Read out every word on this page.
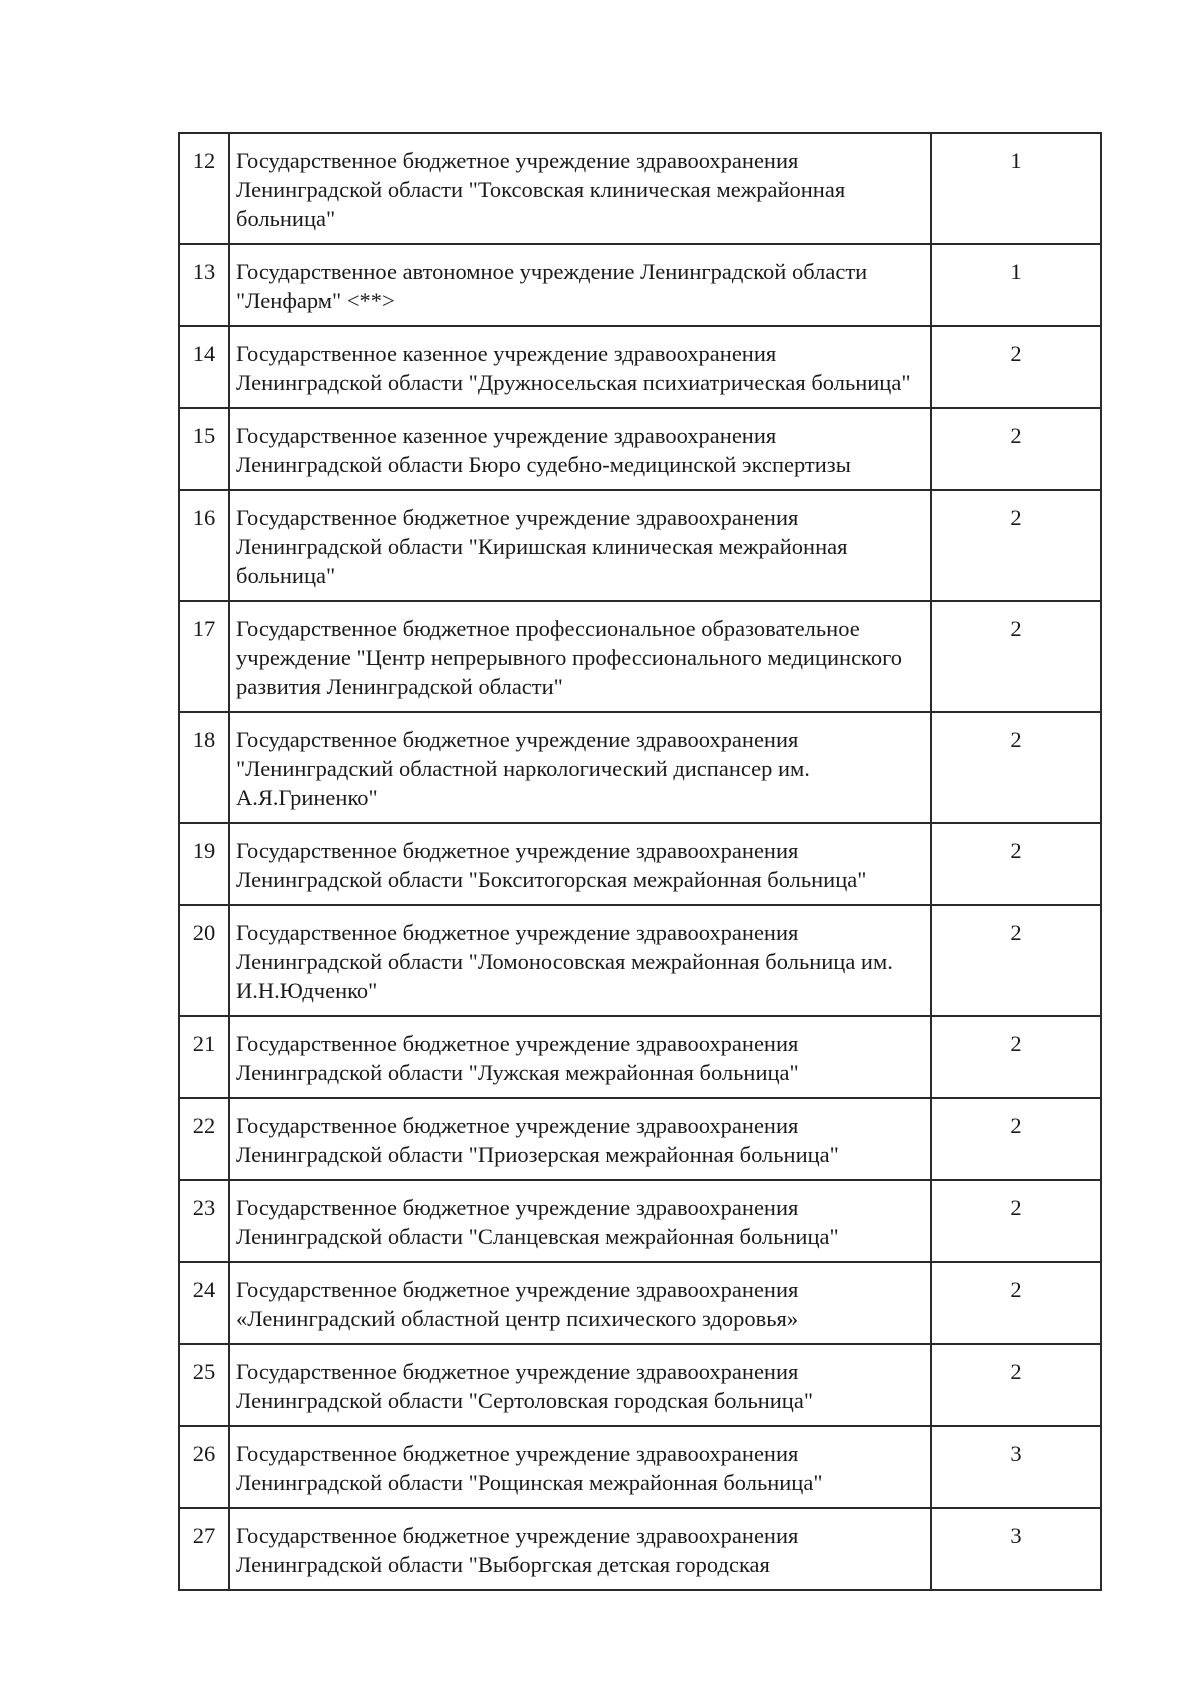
12	Государственное бюджетное учреждение здравоохранения Ленинградской области "Токсовская клиническая межрайонная больница"	1
13	Государственное автономное учреждение Ленинградской области "Ленфарм" <**>	1
14	Государственное казенное учреждение здравоохранения Ленинградской области "Дружносельская психиатрическая больница"	2
15	Государственное казенное учреждение здравоохранения Ленинградской области Бюро судебно-медицинской экспертизы	2
16	Государственное бюджетное учреждение здравоохранения Ленинградской области "Киришская клиническая межрайонная больница"	2
17	Государственное бюджетное профессиональное образовательное учреждение "Центр непрерывного профессионального медицинского развития Ленинградской области"	2
18	Государственное бюджетное учреждение здравоохранения "Ленинградский областной наркологический диспансер им. А.Я.Гриненко"	2
19	Государственное бюджетное учреждение здравоохранения Ленинградской области "Бокситогорская межрайонная больница"	2
20	Государственное бюджетное учреждение здравоохранения Ленинградской области "Ломоносовская межрайонная больница им. И.Н.Юдченко"	2
21	Государственное бюджетное учреждение здравоохранения Ленинградской области "Лужская межрайонная больница"	2
22	Государственное бюджетное учреждение здравоохранения Ленинградской области "Приозерская межрайонная больница"	2
23	Государственное бюджетное учреждение здравоохранения Ленинградской области "Сланцевская межрайонная больница"	2
24	Государственное бюджетное учреждение здравоохранения «Ленинградский областной центр психического здоровья»	2
25	Государственное бюджетное учреждение здравоохранения Ленинградской области "Сертоловская городская больница"	2
26	Государственное бюджетное учреждение здравоохранения Ленинградской области "Рощинская межрайонная больница"	3
27	Государственное бюджетное учреждение здравоохранения Ленинградской области "Выборгская детская городская	3
